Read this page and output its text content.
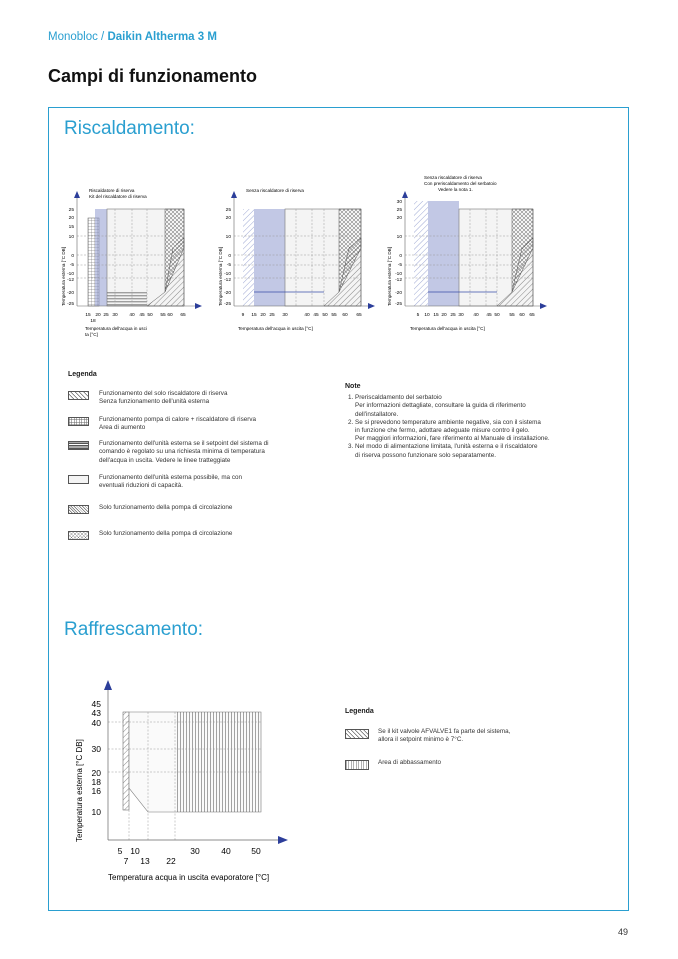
Monobloc / Daikin Altherma 3 M
Campi di funzionamento
Riscaldamento:
Riscaldatore di riserva
Kit del riscaldatore di riserva
25
20
15
10
0
-5
-10
-12
-20
-25
15 20 25 30 40 45 50 55 60 65
18
Temperatura esterna [°C DB]
Temperatura dell'acqua in usci
ta [°C]
Senza riscaldatore di riserva
25
20
10
0
-5
-10
-12
-20
-25
9 15 20 25 30	40 45 50 55 60 65
Temperatura esterna [°C DB]
Temperatura dell'acqua in uscita [°C]
Senza riscaldatore di riserva
Con preriscaldamento del serbatoio
Vedere la nota 1.
30
25
20
10
0
-5
-10
-12
-20
-25
5 10 15 20 25 30 40 45 50 55 60 65
Temperatura esterna [°C DB]
Temperatura dell'acqua in uscita [°C]
Legenda
Funzionamento del solo riscaldatore di riserva
Senza funzionamento dell'unità esterna
Funzionamento pompa di calore + riscaldatore di riserva
Area di aumento
Funzionamento dell'unità esterna se il setpoint del sistema di
comando è regolato su una richiesta minima di temperatura
dell'acqua in uscita. Vedere le linee tratteggiate
Funzionamento dell'unità esterna possibile, ma con
eventuali riduzioni di capacità.
Solo funzionamento della pompa di circolazione
Solo funzionamento della pompa di circolazione
Note
1. Preriscaldamento del serbatoio
Per informazioni dettagliate, consultare la guida di riferimento
dell'installatore.
2. Se si prevedono temperature ambiente negative, sia con il sistema
in funzione che fermo, adottare adeguate misure contro il gelo.
Per maggiori informazioni, fare riferimento al Manuale di installazione.
3. Nel modo di alimentazione limitata, l'unità esterna e il riscaldatore
di riserva possono funzionare solo separatamente.
Raffrescamento:
45
43
40
30
20
18
16
10
5 10	30	40 50
7 13 22
Temperatura esterna [°C DB]
Temperatura acqua in uscita evaporatore [°C]
Legenda
Se il kit valvole AFVALVE1 fa parte del sistema,
allora il setpoint minimo è 7°C.
Area di abbassamento
49
